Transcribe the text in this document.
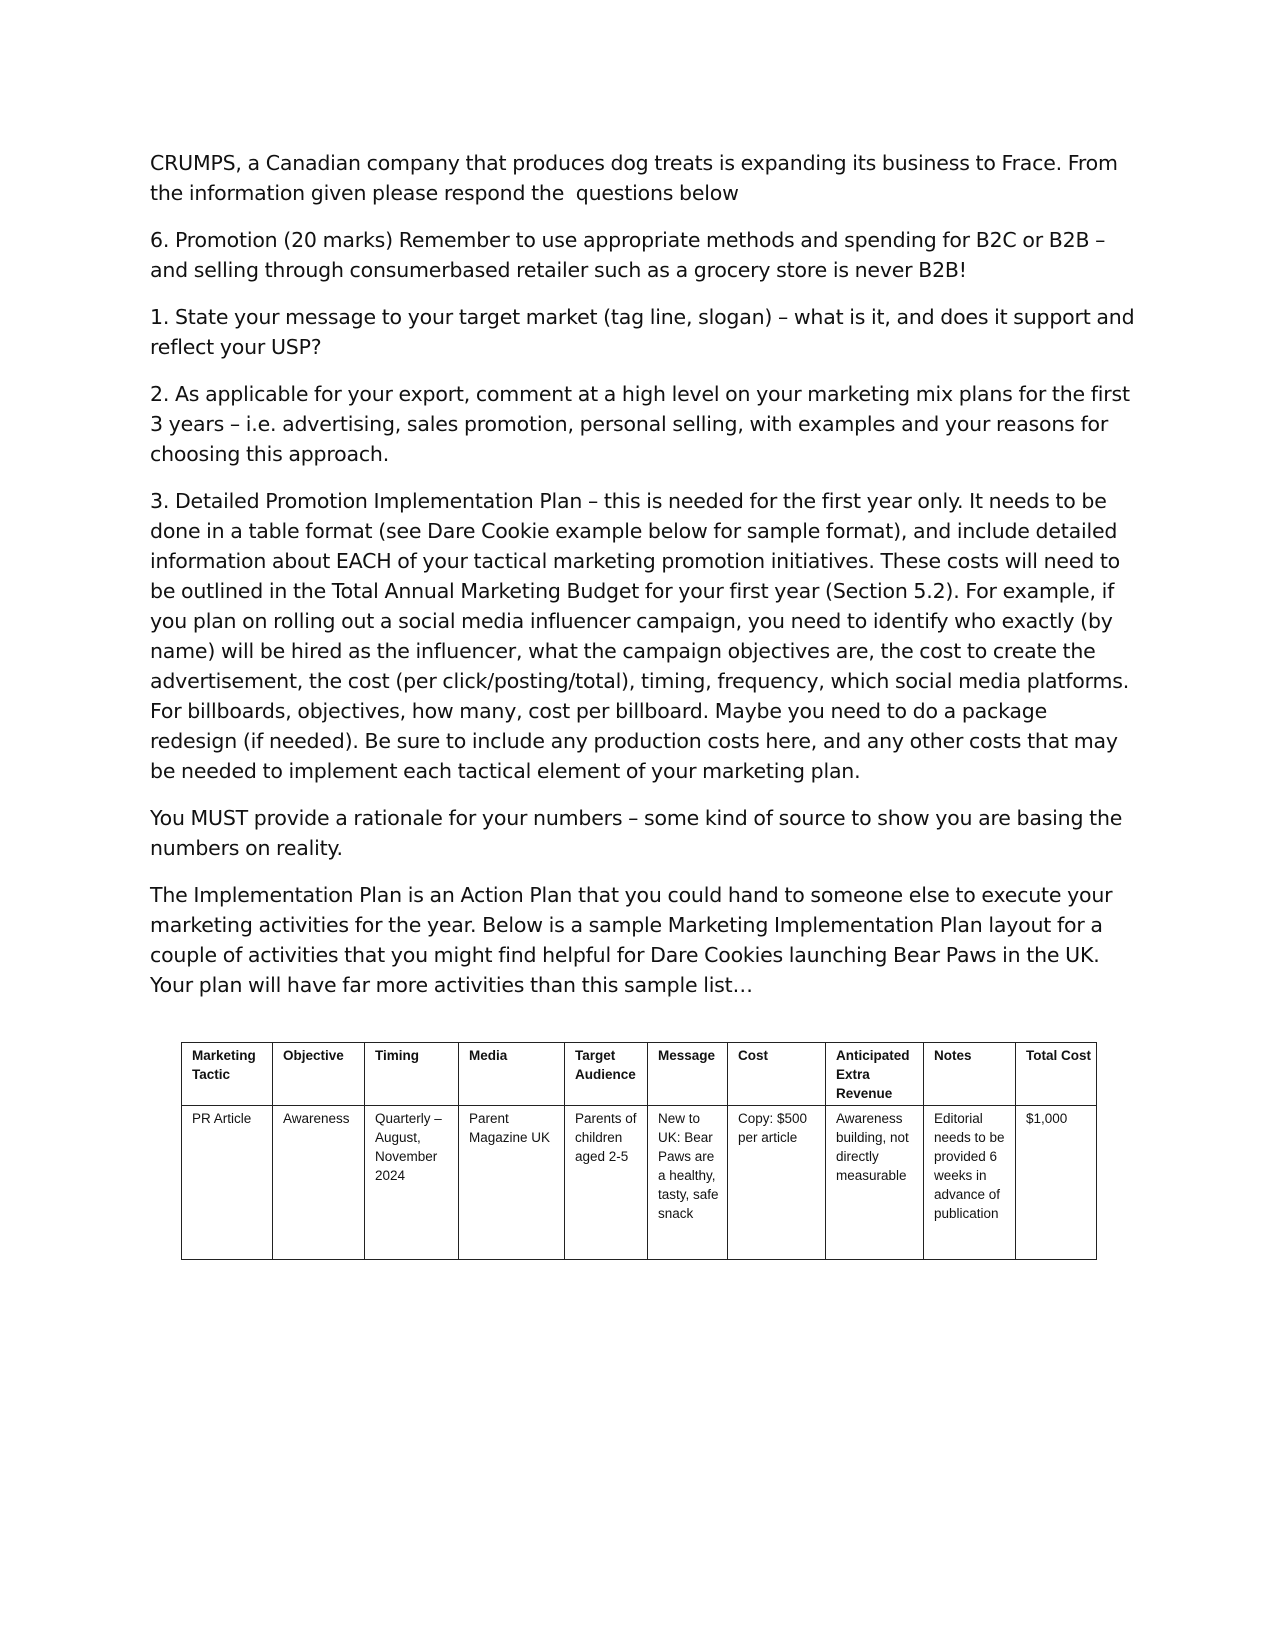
CRUMPS, a Canadian company that produces dog treats is expanding its business to Frace. From the information given please respond the  questions below

6. Promotion (20 marks) Remember to use appropriate methods and spending for B2C or B2B – and selling through consumerbased retailer such as a grocery store is never B2B!

1. State your message to your target market (tag line, slogan) – what is it, and does it support and reflect your USP?

2. As applicable for your export, comment at a high level on your marketing mix plans for the first 3 years – i.e. advertising, sales promotion, personal selling, with examples and your reasons for choosing this approach.

3. Detailed Promotion Implementation Plan – this is needed for the first year only. It needs to be done in a table format (see Dare Cookie example below for sample format), and include detailed information about EACH of your tactical marketing promotion initiatives. These costs will need to be outlined in the Total Annual Marketing Budget for your first year (Section 5.2). For example, if you plan on rolling out a social media influencer campaign, you need to identify who exactly (by name) will be hired as the influencer, what the campaign objectives are, the cost to create the advertisement, the cost (per click/posting/total), timing, frequency, which social media platforms. For billboards, objectives, how many, cost per billboard. Maybe you need to do a package redesign (if needed). Be sure to include any production costs here, and any other costs that may be needed to implement each tactical element of your marketing plan.

You MUST provide a rationale for your numbers – some kind of source to show you are basing the numbers on reality.

The Implementation Plan is an Action Plan that you could hand to someone else to execute your marketing activities for the year. Below is a sample Marketing Implementation Plan layout for a couple of activities that you might find helpful for Dare Cookies launching Bear Paws in the UK. Your plan will have far more activities than this sample list…

Marketing Tactic	Objective	Timing	Media	Target Audience	Message	Cost	Anticipated Extra Revenue	Notes	Total Cost
PR Article	Awareness	Quarterly – August, November 2024	Parent Magazine UK	Parents of children aged 2-5	New to UK: Bear Paws are a healthy, tasty, safe snack	Copy: $500 per article	Awareness building, not directly measurable	Editorial needs to be provided 6 weeks in advance of publication	$1,000
